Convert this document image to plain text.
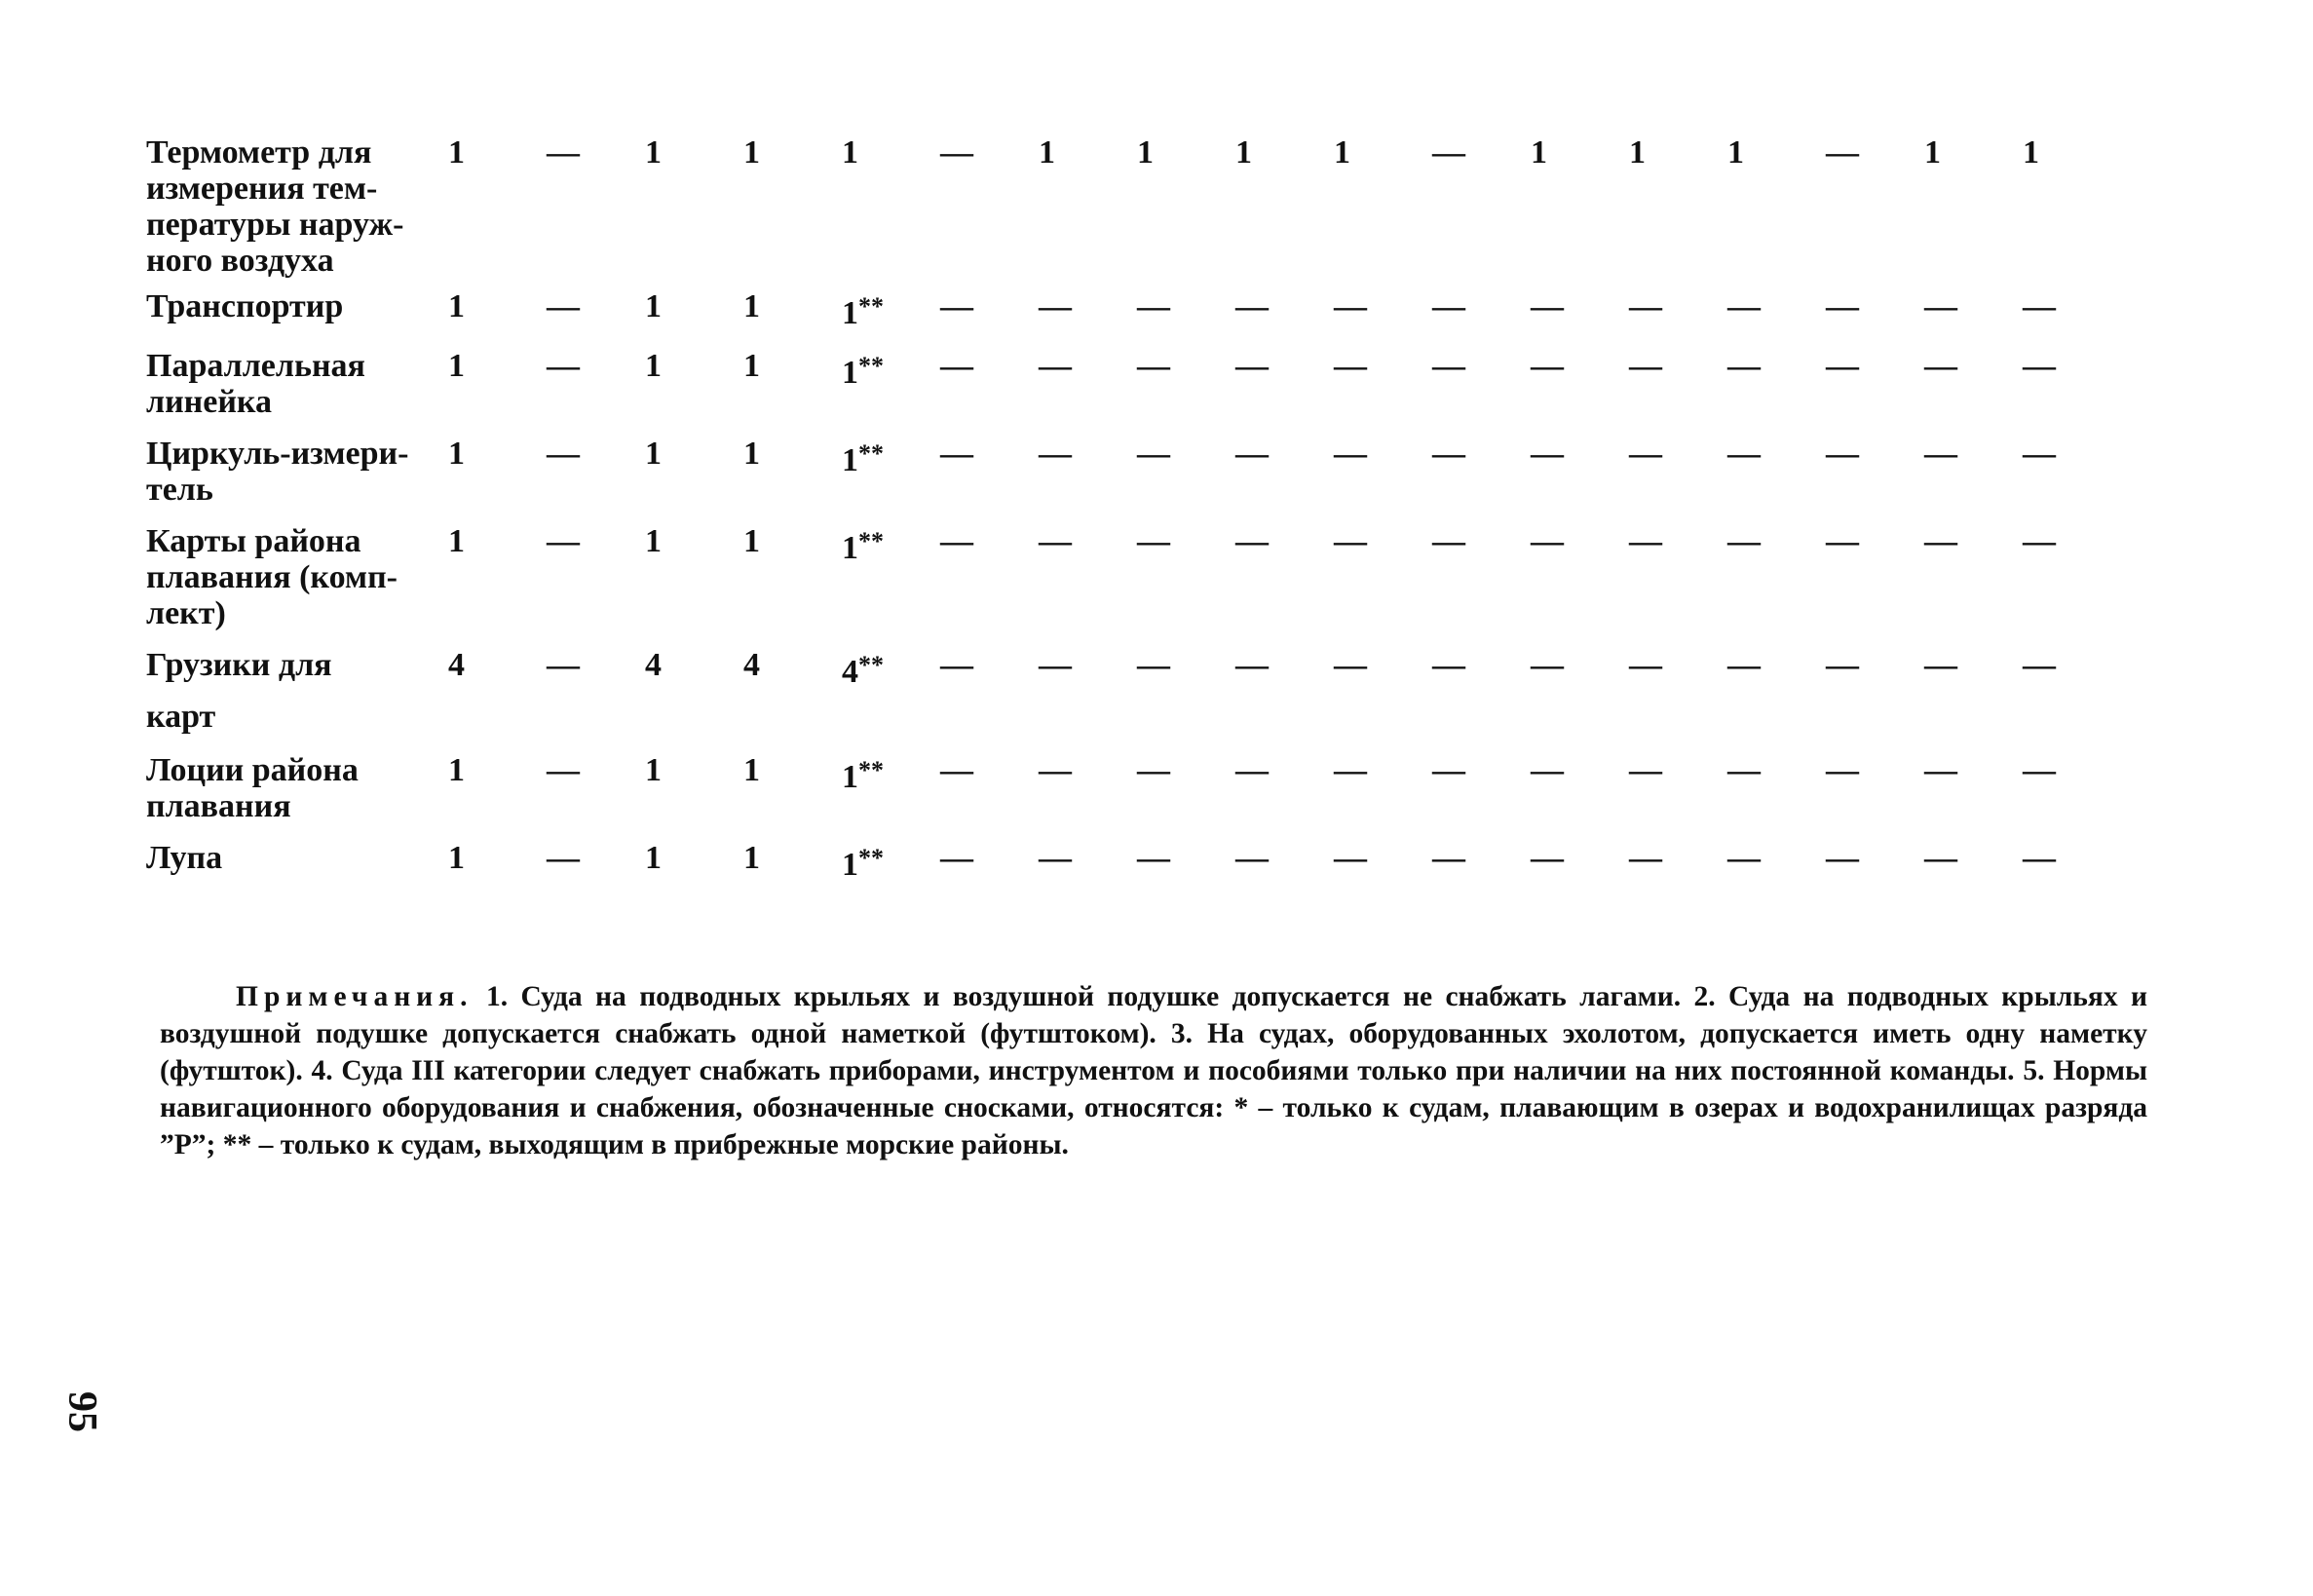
Термометр для
измерения тем-
пературы наруж-
ного воздуха	1	—	1	1	1	—	1	1	1	1	—	1	1	1	—	1	1
Транспортир	1	—	1	1	1**	—	—	—	—	—	—	—	—	—	—	—	—
Параллельная
линейка	1	—	1	1	1**	—	—	—	—	—	—	—	—	—	—	—	—
Циркуль-измери-
тель	1	—	1	1	1**	—	—	—	—	—	—	—	—	—	—	—	—
Карты района
плавания (комп-
лект)	1	—	1	1	1**	—	—	—	—	—	—	—	—	—	—	—	—
Грузики для

карт	4	—	4	4	4**	—	—	—	—	—	—	—	—	—	—	—	—
Лоции района
плавания	1	—	1	1	1**	—	—	—	—	—	—	—	—	—	—	—	—
Лупа	1	—	1	1	1**	—	—	—	—	—	—	—	—	—	—	—	—

Примечания. 1. Суда на подводных крыльях и воздушной подушке допускается не снабжать лагами. 2. Суда на подводных крыльях и воздушной подушке допускается снабжать одной наметкой (футштоком). 3. На судах, оборудованных эхолотом, допускается иметь одну наметку (футшток). 4. Суда III категории следует снабжать приборами, инструментом и пособиями только при наличии на них постоянной команды. 5. Нормы навигационного оборудования и снабжения, обозначенные сносками, относятся: * – только к судам, плавающим в озерах и водохранилищах разряда ”Р”; ** – только к судам, выходящим в прибрежные морские районы.

95
